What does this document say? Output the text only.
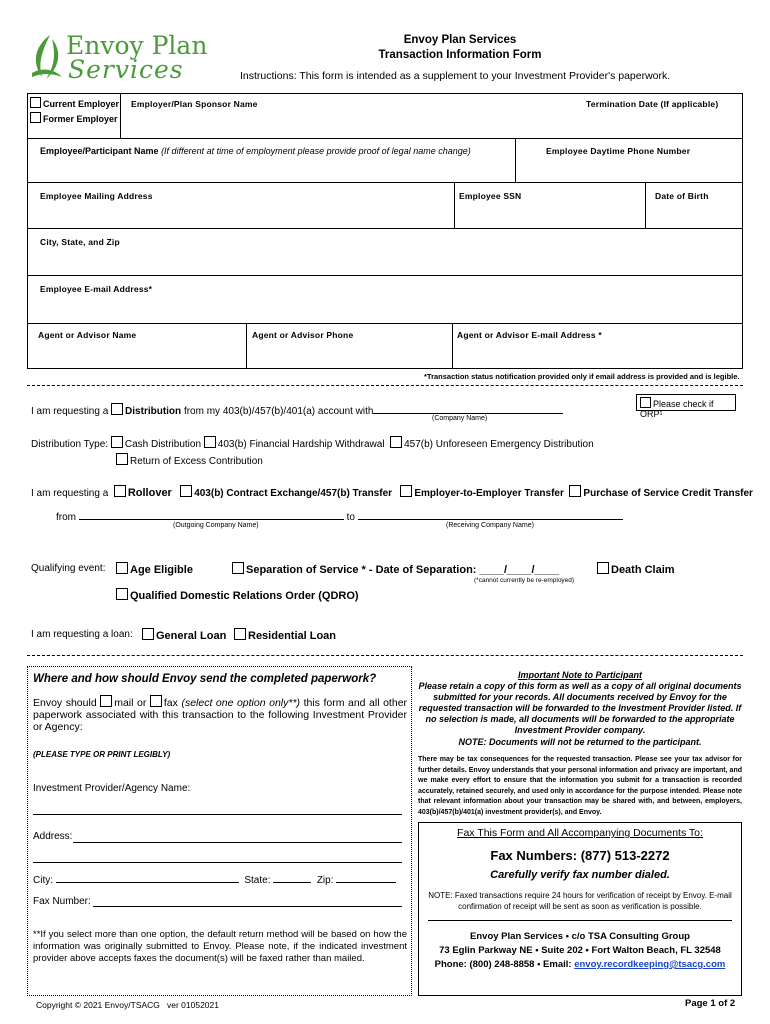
Envoy Plan
Services
Envoy Plan Services
Transaction Information Form
Instructions: This form is intended as a supplement to your Investment Provider's paperwork.
Current Employer
Former Employer
Employer/Plan Sponsor Name	Termination Date (If applicable)
Employee/Participant Name (If different at time of employment please provide proof of legal name change)	Employee Daytime Phone Number
Employee Mailing Address	Employee SSN	Date of Birth
City, State, and Zip
Employee E-mail Address*
Agent or Advisor Name	Agent or Advisor Phone	Agent or Advisor E-mail Address *
*Transaction status notification provided only if email address is provided and is legible.
I am requesting a Distribution from my 403(b)/457(b)/401(a) account with
(Company Name)
Please check if ORP¹
Distribution Type: Cash Distribution 403(b) Financial Hardship Withdrawal 457(b) Unforeseen Emergency Distribution
Return of Excess Contribution
I am requesting a Rollover 403(b) Contract Exchange/457(b) Transfer Employer-to-Employer Transfer Purchase of Service Credit Transfer
from	to
(Outgoing Company Name)	(Receiving Company Name)
Qualifying event:	Age Eligible	Separation of Service * - Date of Separation: ____/____/____
(*cannot currently be re-employed)
Death Claim
Qualified Domestic Relations Order (QDRO)
I am requesting a loan:	General Loan	Residential Loan
Where and how should Envoy send the completed paperwork?
Envoy should mail or fax (select one option only**) this form and all other paperwork associated with this transaction to the following Investment Provider or Agency:
(PLEASE TYPE OR PRINT LEGIBLY)
Investment Provider/Agency Name:
Address:
City:	State:	Zip:
Fax Number:
**If you select more than one option, the default return method will be based on how the information was originally submitted to Envoy. Please note, if the indicated investment provider above accepts faxes the document(s) will be faxed rather than mailed.
Important Note to Participant
Please retain a copy of this form as well as a copy of all original documents submitted for your records. All documents received by Envoy for the requested transaction will be forwarded to the Investment Provider listed. If no selection is made, all documents will be forwarded to the appropriate Investment Provider company.
NOTE: Documents will not be returned to the participant.
There may be tax consequences for the requested transaction. Please see your tax advisor for further details. Envoy understands that your personal information and privacy are important, and we make every effort to ensure that the information you submit for a transaction is recorded accurately, retained securely, and used only in accordance for the purpose intended. Please note that relevant information about your transaction may be shared with, and between, employers, 403(b)/457(b)/401(a) investment provider(s), and Envoy.
Fax This Form and All Accompanying Documents To:
Fax Numbers: (877) 513-2272
Carefully verify fax number dialed.
NOTE: Faxed transactions require 24 hours for verification of receipt by Envoy. E-mail confirmation of receipt will be sent as soon as verification is possible.
Envoy Plan Services • c/o TSA Consulting Group
73 Eglin Parkway NE • Suite 202 • Fort Walton Beach, FL 32548
Phone: (800) 248-8858 • Email: envoy.recordkeeping@tsacg.com
Copyright © 2021 Envoy/TSACG   ver 01052021	Page 1 of 2
